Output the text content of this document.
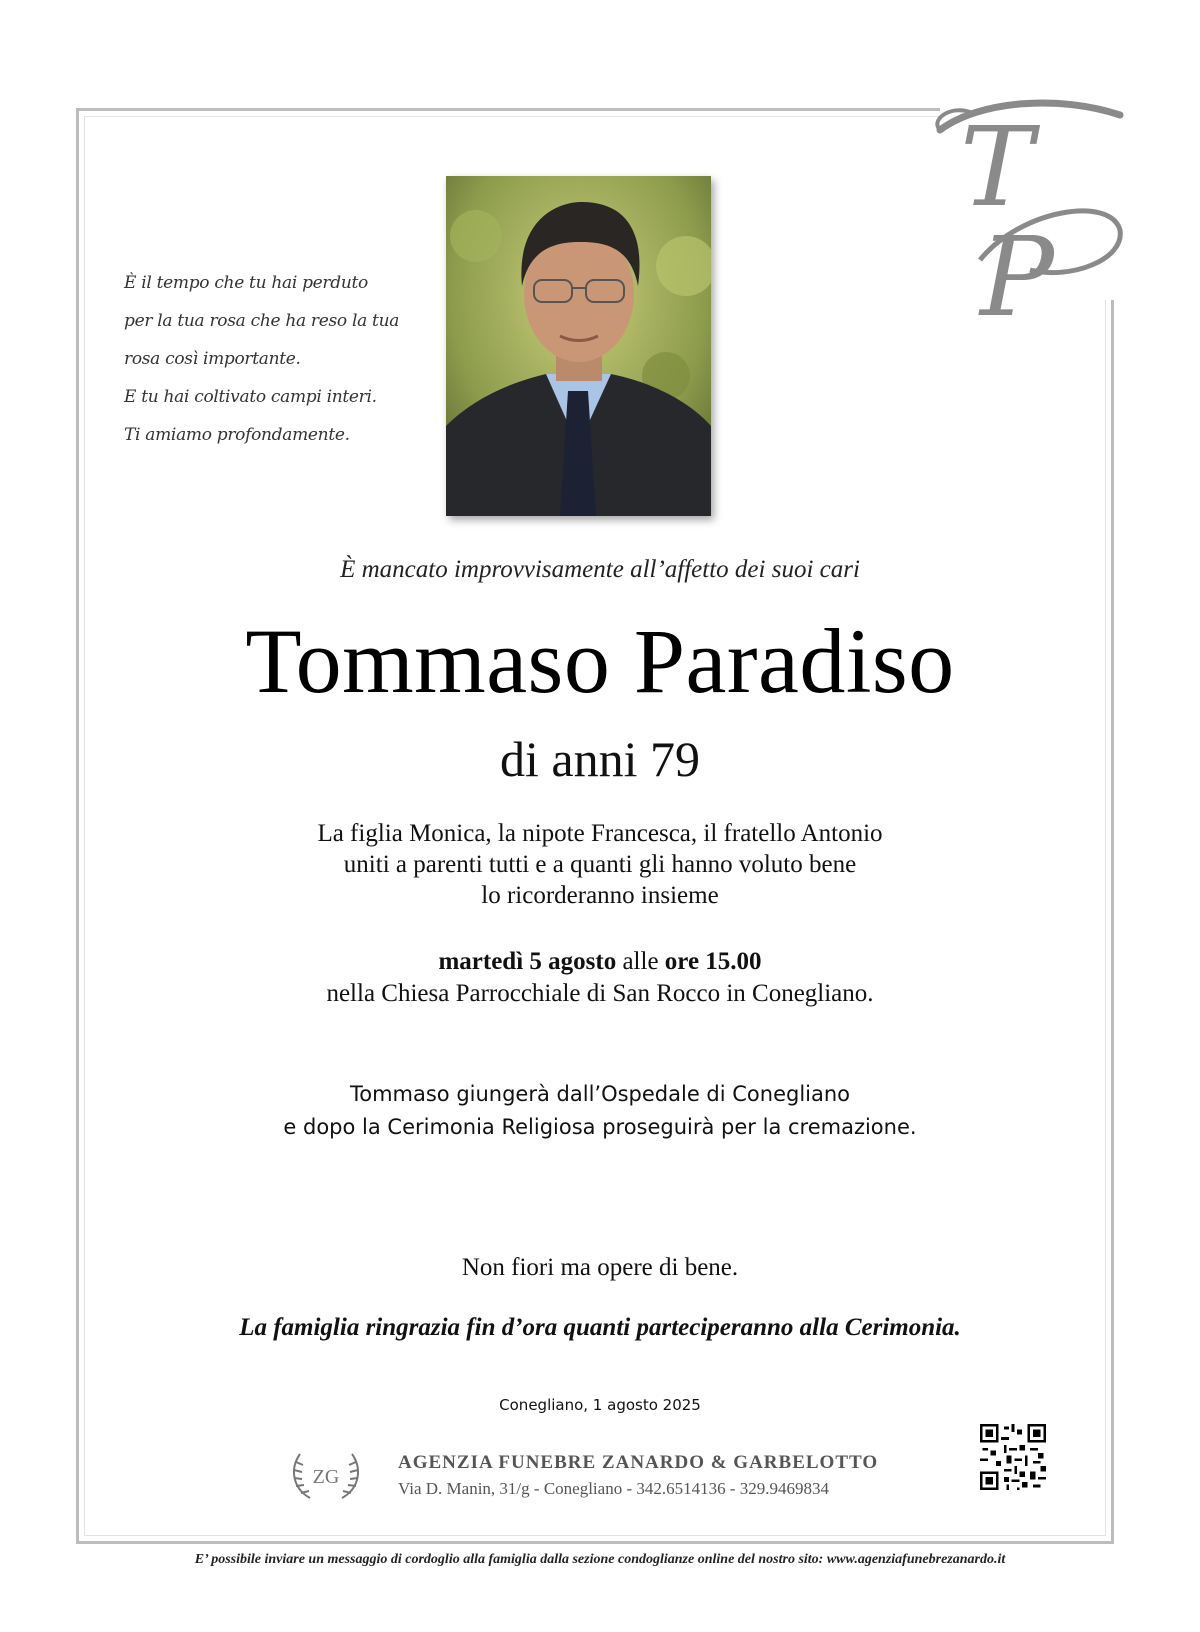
T
P
È il tempo che tu hai perduto
per la tua rosa che ha reso la tua
rosa così importante.
E tu hai coltivato campi interi.
Ti amiamo profondamente.
È mancato improvvisamente all’affetto dei suoi cari
Tommaso Paradiso
di anni 79
La figlia Monica, la nipote Francesca, il fratello Antonio
uniti a parenti tutti e a quanti gli hanno voluto bene
lo ricorderanno insieme
martedì 5 agosto alle ore 15.00
nella Chiesa Parrocchiale di San Rocco in Conegliano.
Tommaso giungerà dall’Ospedale di Conegliano
e dopo la Cerimonia Religiosa proseguirà per la cremazione.
Non fiori ma opere di bene.
La famiglia ringrazia fin d’ora quanti parteciperanno alla Cerimonia.
Conegliano, 1 agosto 2025
ZG
AGENZIA FUNEBRE ZANARDO & GARBELOTTO
Via D. Manin, 31/g - Conegliano - 342.6514136 - 329.9469834
E’ possibile inviare un messaggio di cordoglio alla famiglia dalla sezione condoglianze online del nostro sito: www.agenziafunebrezanardo.it
